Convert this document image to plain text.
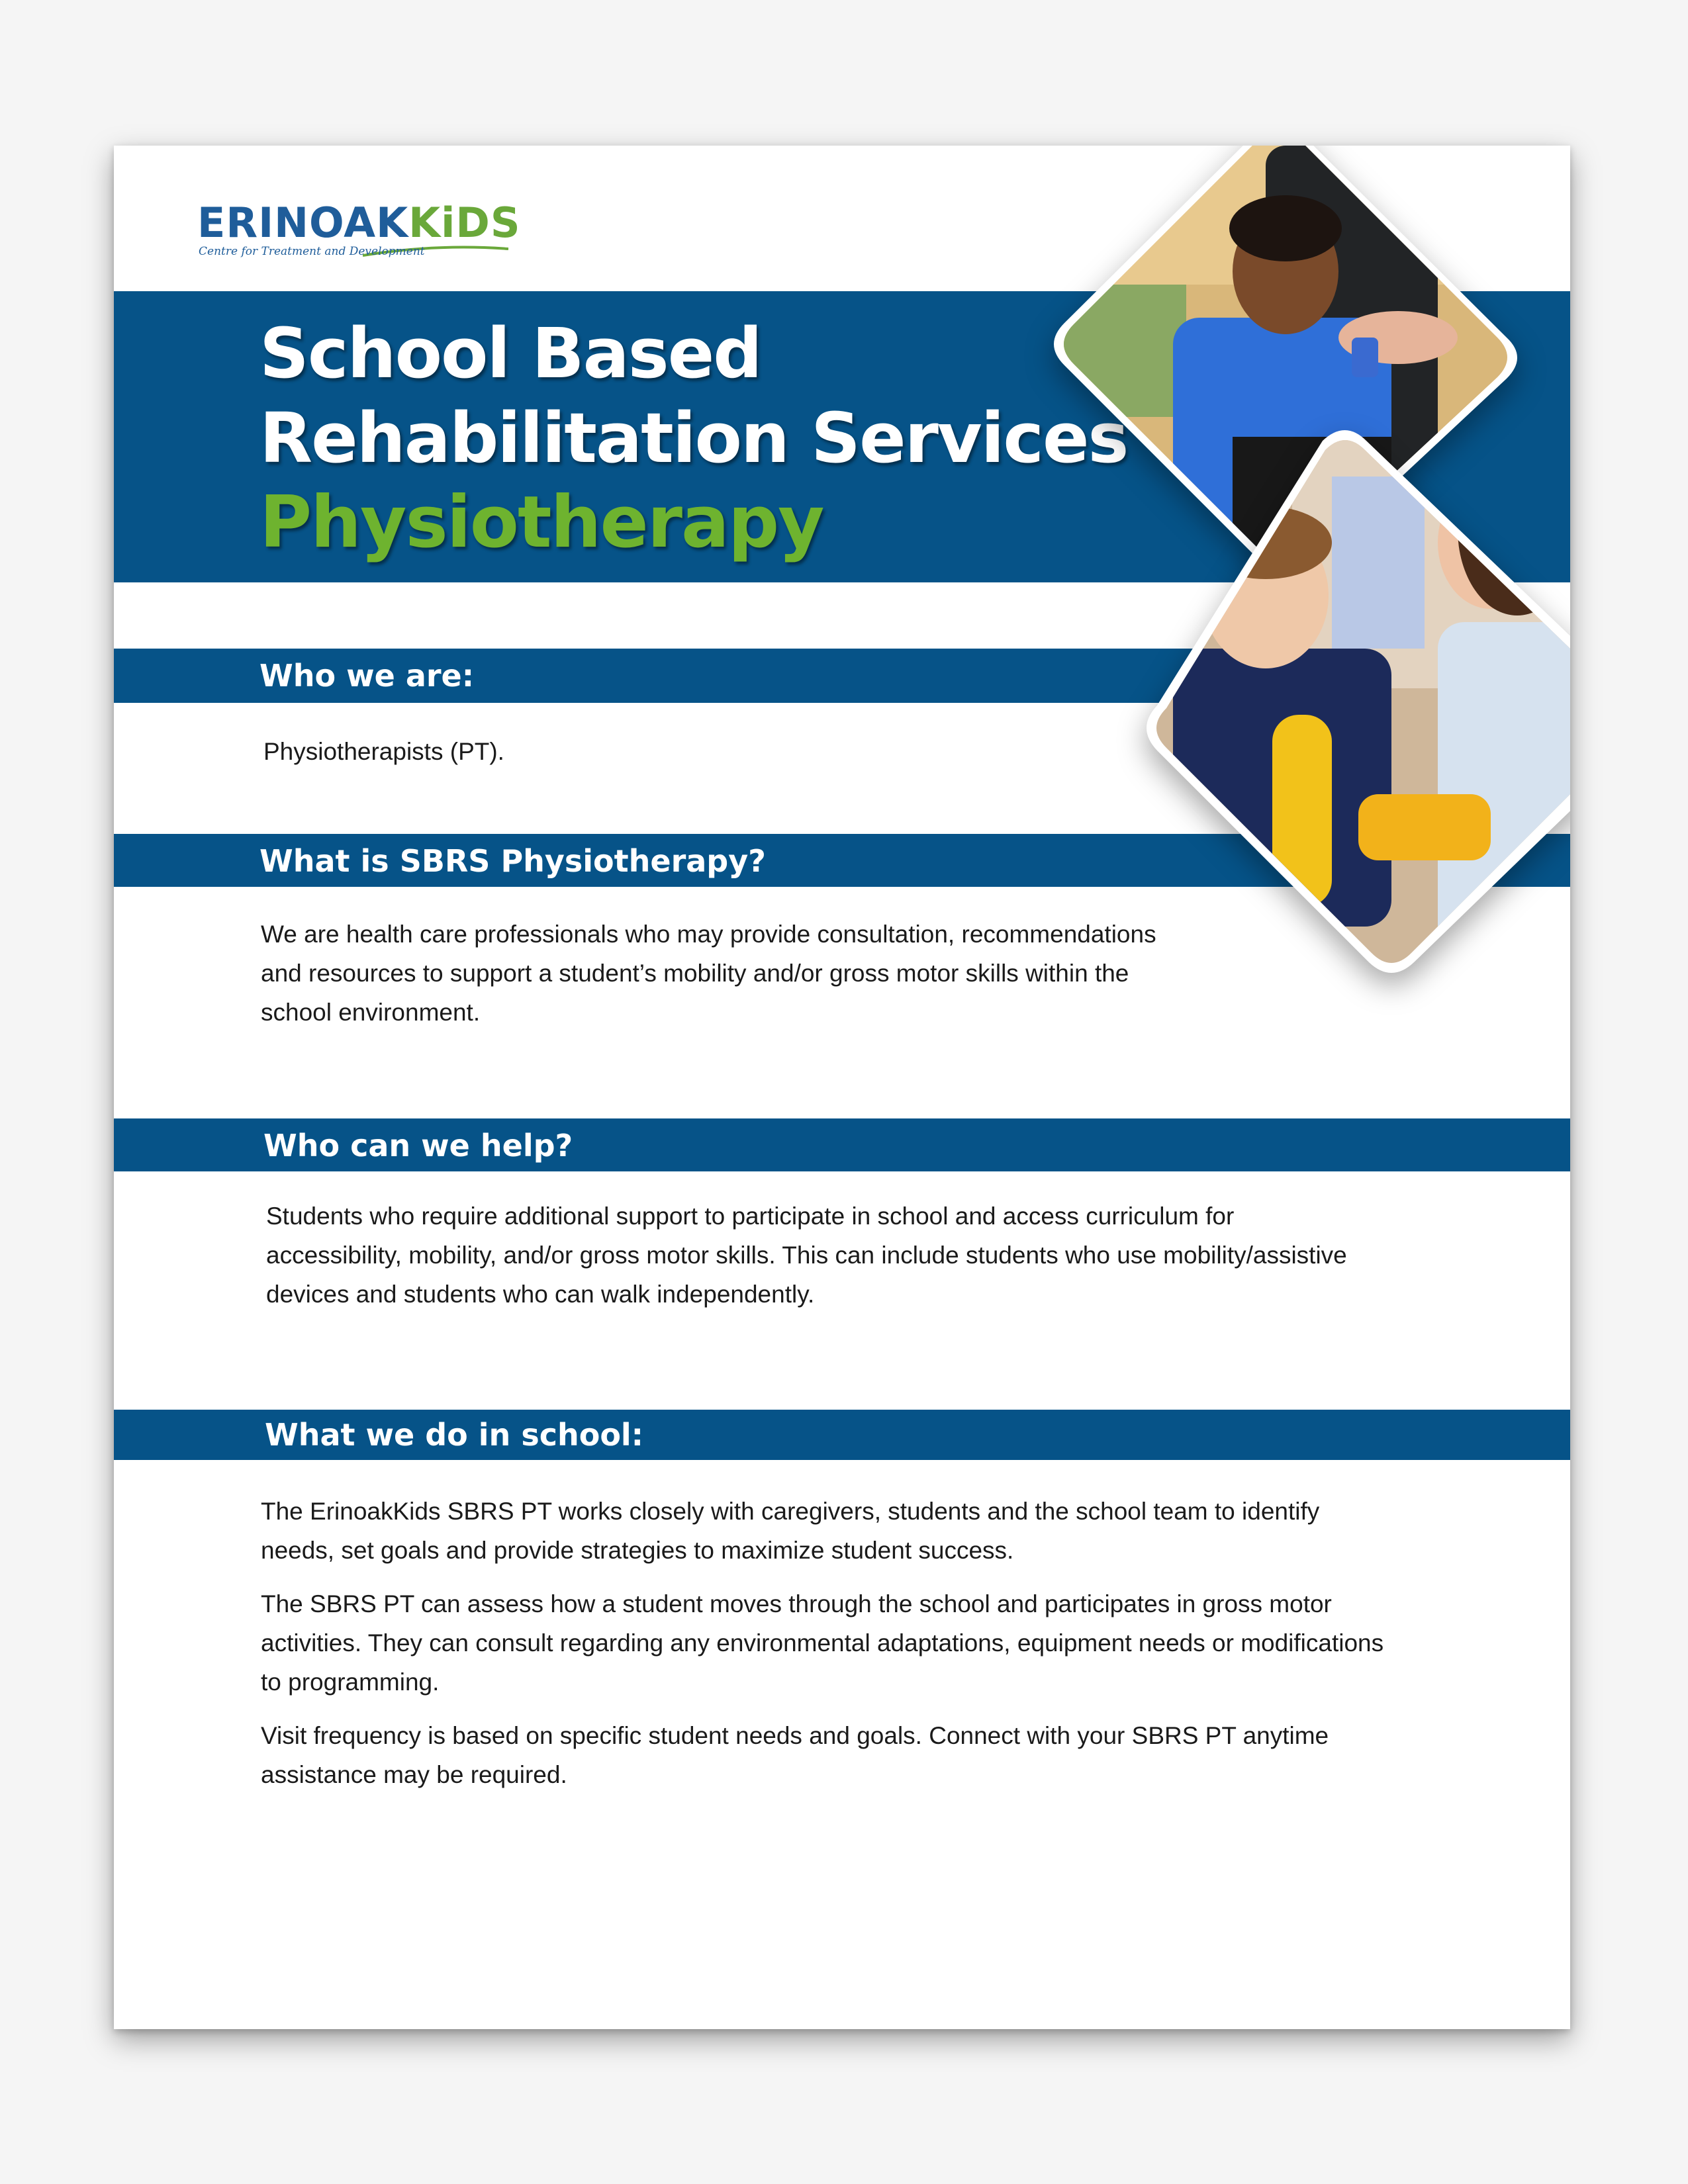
ERINOAKKiDS
Centre for Treatment and Development
School Based
Rehabilitation Services
Physiotherapy
Who we are:

Physiotherapists (PT).

What is SBRS Physiotherapy?

We are health care professionals who may provide consultation, recommendations and resources to support a student’s mobility and/or gross motor skills within the school environment.

Who can we help?

Students who require additional support to participate in school and access curriculum for accessibility, mobility, and/or gross motor skills. This can include students who use mobility/assistive devices and students who can walk independently.

What we do in school:

The ErinoakKids SBRS PT works closely with caregivers, students and the school team to identify needs, set goals and provide strategies to maximize student success.

The SBRS PT can assess how a student moves through the school and participates in gross motor activities. They can consult regarding any environmental adaptations, equipment needs or modifications to programming.

Visit frequency is based on specific student needs and goals. Connect with your SBRS PT anytime assistance may be required.
